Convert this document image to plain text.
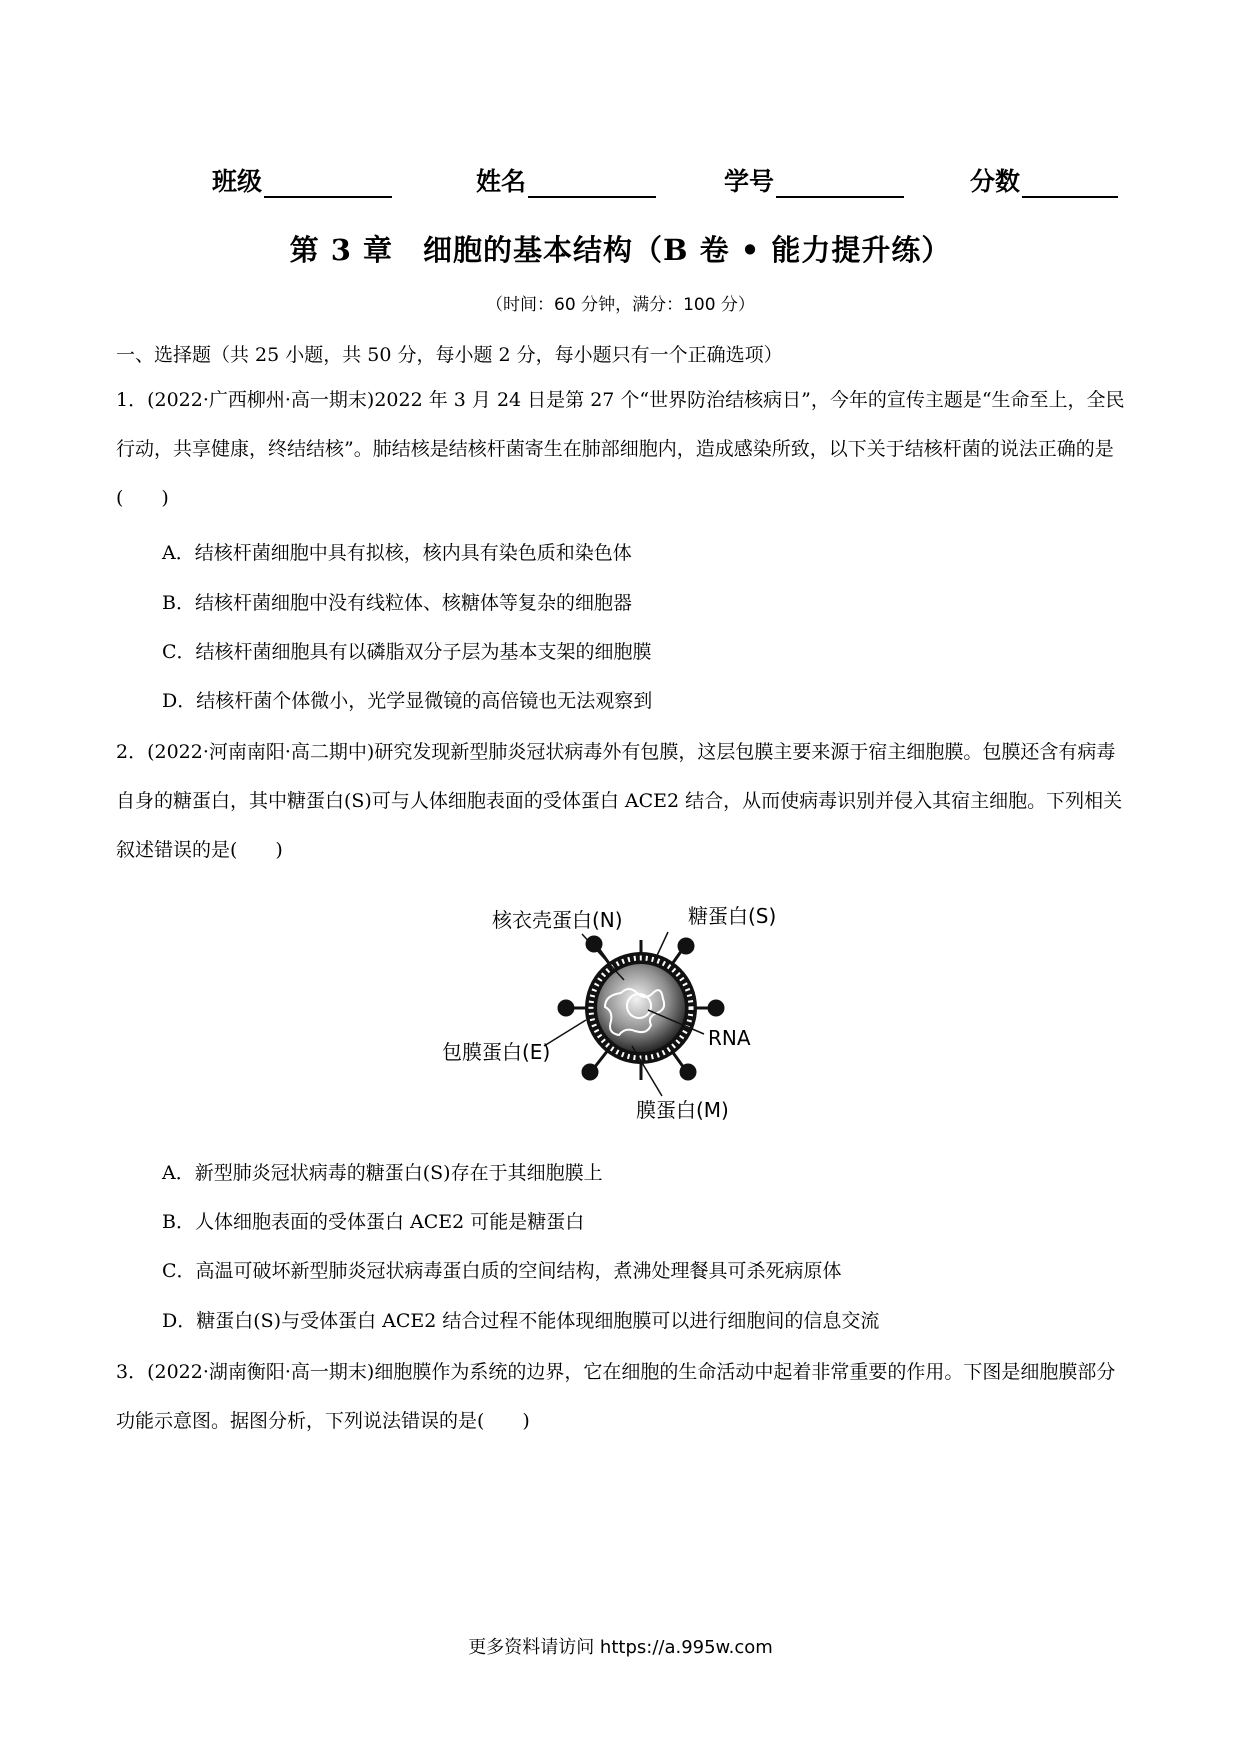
班级	姓名	学号	分数
第 3 章　细胞的基本结构（B 卷 • 能力提升练）
（时间：60 分钟，满分：100 分）
一、选择题（共 25 小题，共 50 分，每小题 2 分，每小题只有一个正确选项）
1．(2022·广西柳州·高一期末)2022 年 3 月 24 日是第 27 个“世界防治结核病日”，今年的宣传主题是“生命至上，全民行动，共享健康，终结结核”。肺结核是结核杆菌寄生在肺部细胞内，造成感染所致，以下关于结核杆菌的说法正确的是(　　)
A．结核杆菌细胞中具有拟核，核内具有染色质和染色体
B．结核杆菌细胞中没有线粒体、核糖体等复杂的细胞器
C．结核杆菌细胞具有以磷脂双分子层为基本支架的细胞膜
D．结核杆菌个体微小，光学显微镜的高倍镜也无法观察到
2．(2022·河南南阳·高二期中)研究发现新型肺炎冠状病毒外有包膜，这层包膜主要来源于宿主细胞膜。包膜还含有病毒自身的糖蛋白，其中糖蛋白(S)可与人体细胞表面的受体蛋白 ACE2 结合，从而使病毒识别并侵入其宿主细胞。下列相关叙述错误的是(　　)
核衣壳蛋白(N)	糖蛋白(S)
RNA
包膜蛋白(E)
膜蛋白(M)
A．新型肺炎冠状病毒的糖蛋白(S)存在于其细胞膜上
B．人体细胞表面的受体蛋白 ACE2 可能是糖蛋白
C．高温可破坏新型肺炎冠状病毒蛋白质的空间结构，煮沸处理餐具可杀死病原体
D．糖蛋白(S)与受体蛋白 ACE2 结合过程不能体现细胞膜可以进行细胞间的信息交流
3．(2022·湖南衡阳·高一期末)细胞膜作为系统的边界，它在细胞的生命活动中起着非常重要的作用。下图是细胞膜部分功能示意图。据图分析，下列说法错误的是(　　)
更多资料请访问 https://a.995w.com
